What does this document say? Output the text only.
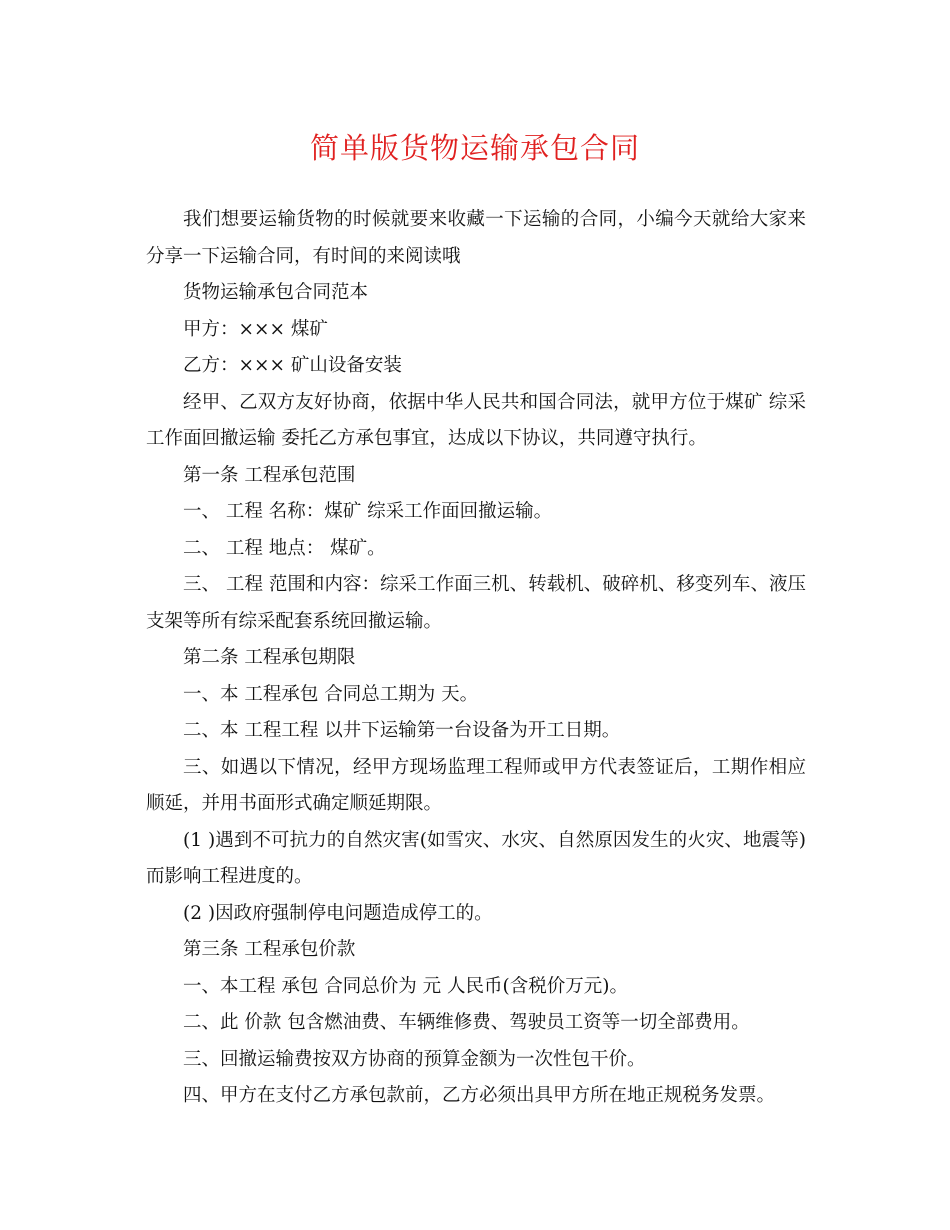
简单版货物运输承包合同

我们想要运输货物的时候就要来收藏一下运输的合同，小编今天就给大家来分享一下运输合同，有时间的来阅读哦

货物运输承包合同范本

甲方：××× 煤矿

乙方：××× 矿山设备安装

经甲、乙双方友好协商，依据中华人民共和国合同法，就甲方位于煤矿 综采工作面回撤运输 委托乙方承包事宜，达成以下协议，共同遵守执行。

第一条 工程承包范围

一、 工程 名称：煤矿 综采工作面回撤运输。

二、 工程 地点： 煤矿。

三、 工程 范围和内容：综采工作面三机、转载机、破碎机、移变列车、液压支架等所有综采配套系统回撤运输。

第二条 工程承包期限

一、本 工程承包 合同总工期为 天。

二、本 工程工程 以井下运输第一台设备为开工日期。

三、如遇以下情况，经甲方现场监理工程师或甲方代表签证后，工期作相应顺延，并用书面形式确定顺延期限。

(1 )遇到不可抗力的自然灾害(如雪灾、水灾、自然原因发生的火灾、地震等)而影响工程进度的。

(2 )因政府强制停电问题造成停工的。

第三条 工程承包价款

一、本工程 承包 合同总价为 元 人民币(含税价万元)。

二、此 价款 包含燃油费、车辆维修费、驾驶员工资等一切全部费用。

三、回撤运输费按双方协商的预算金额为一次性包干价。

四、甲方在支付乙方承包款前，乙方必须出具甲方所在地正规税务发票。
